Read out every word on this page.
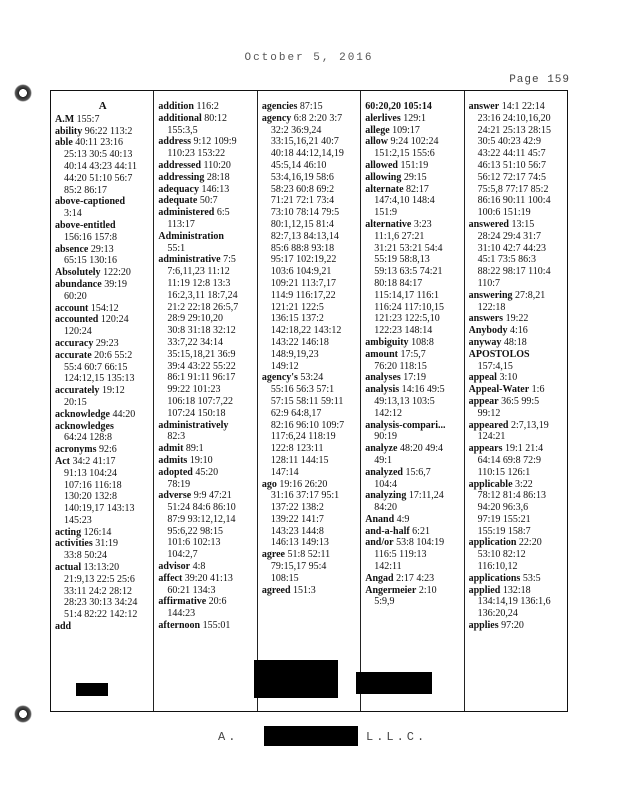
October 5, 2016
Page 159
A
A.M 155:7
ability 96:22 113:2
able 40:11 23:16
25:13 30:5 40:13
40:14 43:23 44:11
44:20 51:10 56:7
85:2 86:17
above-captioned
3:14
above-entitled
156:16 157:8
absence 29:13
65:15 130:16
Absolutely 122:20
abundance 39:19
60:20
account 154:12
accounted 120:24
120:24
accuracy 29:23
accurate 20:6 55:2
55:4 60:7 66:15
124:12,15 135:13
accurately 19:12
20:15
acknowledge 44:20
acknowledges
64:24 128:8
acronyms 92:6
Act 34:2 41:17
91:13 104:24
107:16 116:18
130:20 132:8
140:19,17 143:13
145:23
acting 126:14
activities 31:19
33:8 50:24
actual 13:13:20
21:9,13 22:5 25:6
33:11 24:2 28:12
28:23 30:13 34:24
51:4 82:22 142:12
add
addition 116:2
additional 80:12
155:3,5
address 9:12 109:9
110:23 153:22
addressed 110:20
addressing 28:18
adequacy 146:13
adequate 50:7
administered 6:5
113:17
Administration
55:1
administrative 7:5
7:6,11,23 11:12
11:19 12:8 13:3
16:2,3,11 18:7,24
21:2 22:18 26:5,7
28:9 29:10,20
30:8 31:18 32:12
33:7,22 34:14
35:15,18,21 36:9
39:4 43:22 55:22
86:1 91:11 96:17
99:22 101:23
106:18 107:7,22
107:24 150:18
administratively
82:3
admit 89:1
admits 19:10
adopted 45:20
78:19
adverse 9:9 47:21
51:24 84:6 86:10
87:9 93:12,12,14
95:6,22 98:15
101:6 102:13
104:2,7
advisor 4:8
affect 39:20 41:13
60:21 134:3
affirmative 20:6
144:23
afternoon 155:01
agencies 87:15
agency 6:8 2:20 3:7
32:2 36:9,24
33:15,16,21 40:7
40:18 44:12,14,19
45:5,14 46:10
53:4,16,19 58:6
58:23 60:8 69:2
71:21 72:1 73:4
73:10 78:14 79:5
80:1,12,15 81:4
82:7,13 84:13,14
85:6 88:8 93:18
95:17 102:19,22
103:6 104:9,21
109:21 113:7,17
114:9 116:17,22
121:21 122:5
136:15 137:2
142:18,22 143:12
143:22 146:18
148:9,19,23
149:12
agency's 53:24
55:16 56:3 57:1
57:15 58:11 59:11
62:9 64:8,17
82:16 96:10 109:7
117:6,24 118:19
122:8 123:11
128:11 144:15
147:14
ago 19:16 26:20
31:16 37:17 95:1
137:22 138:2
139:22 141:7
143:23 144:8
146:13 149:13
agree 51:8 52:11
79:15,17 95:4
108:15
agreed 151:3
60:20,20 105:14
alerlives 129:1
allege 109:17
allow 9:24 102:24
151:2,15 155:6
allowed 151:19
allowing 29:15
alternate 82:17
147:4,10 148:4
151:9
alternative 3:23
11:1,6 27:21
31:21 53:21 54:4
55:19 58:8,13
59:13 63:5 74:21
80:18 84:17
115:14,17 116:1
116:24 117:10,15
121:23 122:5,10
122:23 148:14
ambiguity 108:8
amount 17:5,7
76:20 118:15
analyses 17:19
analysis 14:16 49:5
49:13,13 103:5
142:12
analysis-compari...
90:19
analyze 48:20 49:4
49:1
analyzed 15:6,7
104:4
analyzing 17:11,24
84:20
Anand 4:9
and-a-half 6:21
and/or 53:8 104:19
116:5 119:13
142:11
Angad 2:17 4:23
Angermeier 2:10
5:9,9
answer 14:1 22:14
23:16 24:10,16,20
24:21 25:13 28:15
30:5 40:23 42:9
43:22 44:11 45:7
46:13 51:10 56:7
56:12 72:17 74:5
75:5,8 77:17 85:2
86:16 90:11 100:4
100:6 151:19
answered 13:15
28:24 29:4 31:7
31:10 42:7 44:23
45:1 73:5 86:3
88:22 98:17 110:4
110:7
answering 27:8,21
122:18
answers 19:22
Anybody 4:16
anyway 48:18
APOSTOLOS
157:4,15
appeal 3:10
Appeal-Water 1:6
appear 36:5 99:5
99:12
appeared 2:7,13,19
124:21
appears 19:1 21:4
64:14 69:8 72:9
110:15 126:1
applicable 3:22
78:12 81:4 86:13
94:20 96:3,6
97:19 155:21
155:19 158:7
application 22:20
53:10 82:12
116:10,12
applications 53:5
applied 132:18
134:14,19 136:1,6
136:20,24
applies 97:20
A.	L.L.C.
